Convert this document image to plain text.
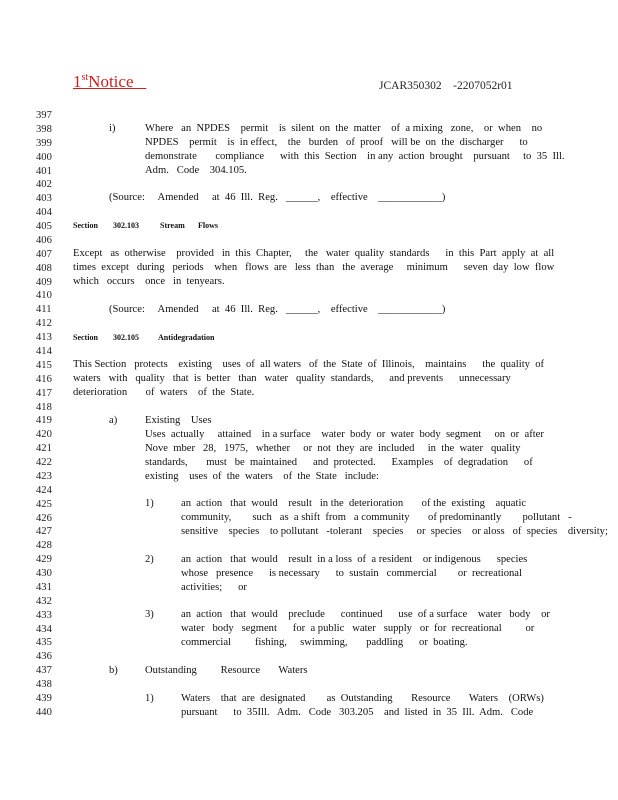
1stNotice	JCAR350302    -2207052r01
397
398
399
400
401
402
403
404
405
406
407
408
409
410
411
412
413
414
415
416
417
418
419
420
421
422
423
424
425
426
427
428
429
430
431
432
433
434
435
436
437
438
439
440
i)	Where   an  NPDES    permit    is  silent  on  the  matter    of  a mixing   zone,    or  when    no
NPDES    permit    is  in effect,    the   burden   of  proof   will be  on  the  discharger      to
demonstrate       compliance      with  this  Section    in any  action  brought    pursuant     to  35  Ill.
Adm.   Code    304.105.
(Source:     Amended     at  46  Ill.  Reg.   ______,    effective    ____________)
Section 302.103	Stream Flows
Except   as  otherwise    provided   in  this  Chapter,     the   water  quality  standards      in  this  Part  apply  at  all
times  except   during   periods    when   flows  are   less  than   the  average     minimum      seven  day  low  flow
which   occurs    once   in  tenyears.
(Source:     Amended     at  46  Ill.  Reg.   ______,    effective    ____________)
Section 302.105 Antidegradation
This Section   protects    existing    uses  of  all waters   of  the  State  of  Illinois,    maintains      the  quality  of
waters   with   quality   that  is  better   than   water   quality  standards,      and prevents      unnecessary
deterioration       of  waters    of  the  State.
a)	Existing    Uses
Uses  actually     attained    in a surface    water  body  or  water  body  segment     on  or  after
Nove  mber   28,   1975,   whether     or  not  they  are  included     in  the  water   quality
standards,       must   be  maintained      and  protected.      Examples    of  degradation      of
existing    uses  of  the  waters    of  the  State   include:
1)	an  action   that  would    result   in the  deterioration       of the  existing    aquatic
community,        such   as  a shift  from   a community       of predominantly        pollutant   -
sensitive    species    to pollutant   -tolerant    species     or  species    or aloss   of  species    diversity;
2)	an  action   that  would    result  in a loss  of  a resident    or indigenous      species
whose   presence      is necessary      to  sustain   commercial        or  recreational
activities;      or
3)	an  action   that  would    preclude      continued      use  of a surface    water   body    or
water   body   segment      for  a public   water   supply   or  for  recreational         or
commercial         fishing,     swimming,       paddling      or  boating.
b)	Outstanding         Resource       Waters
1)	Waters    that  are  designated        as  Outstanding       Resource       Waters    (ORWs)
pursuant      to  35Ill.   Adm.   Code   303.205    and  listed  in  35  Ill.  Adm.   Code
